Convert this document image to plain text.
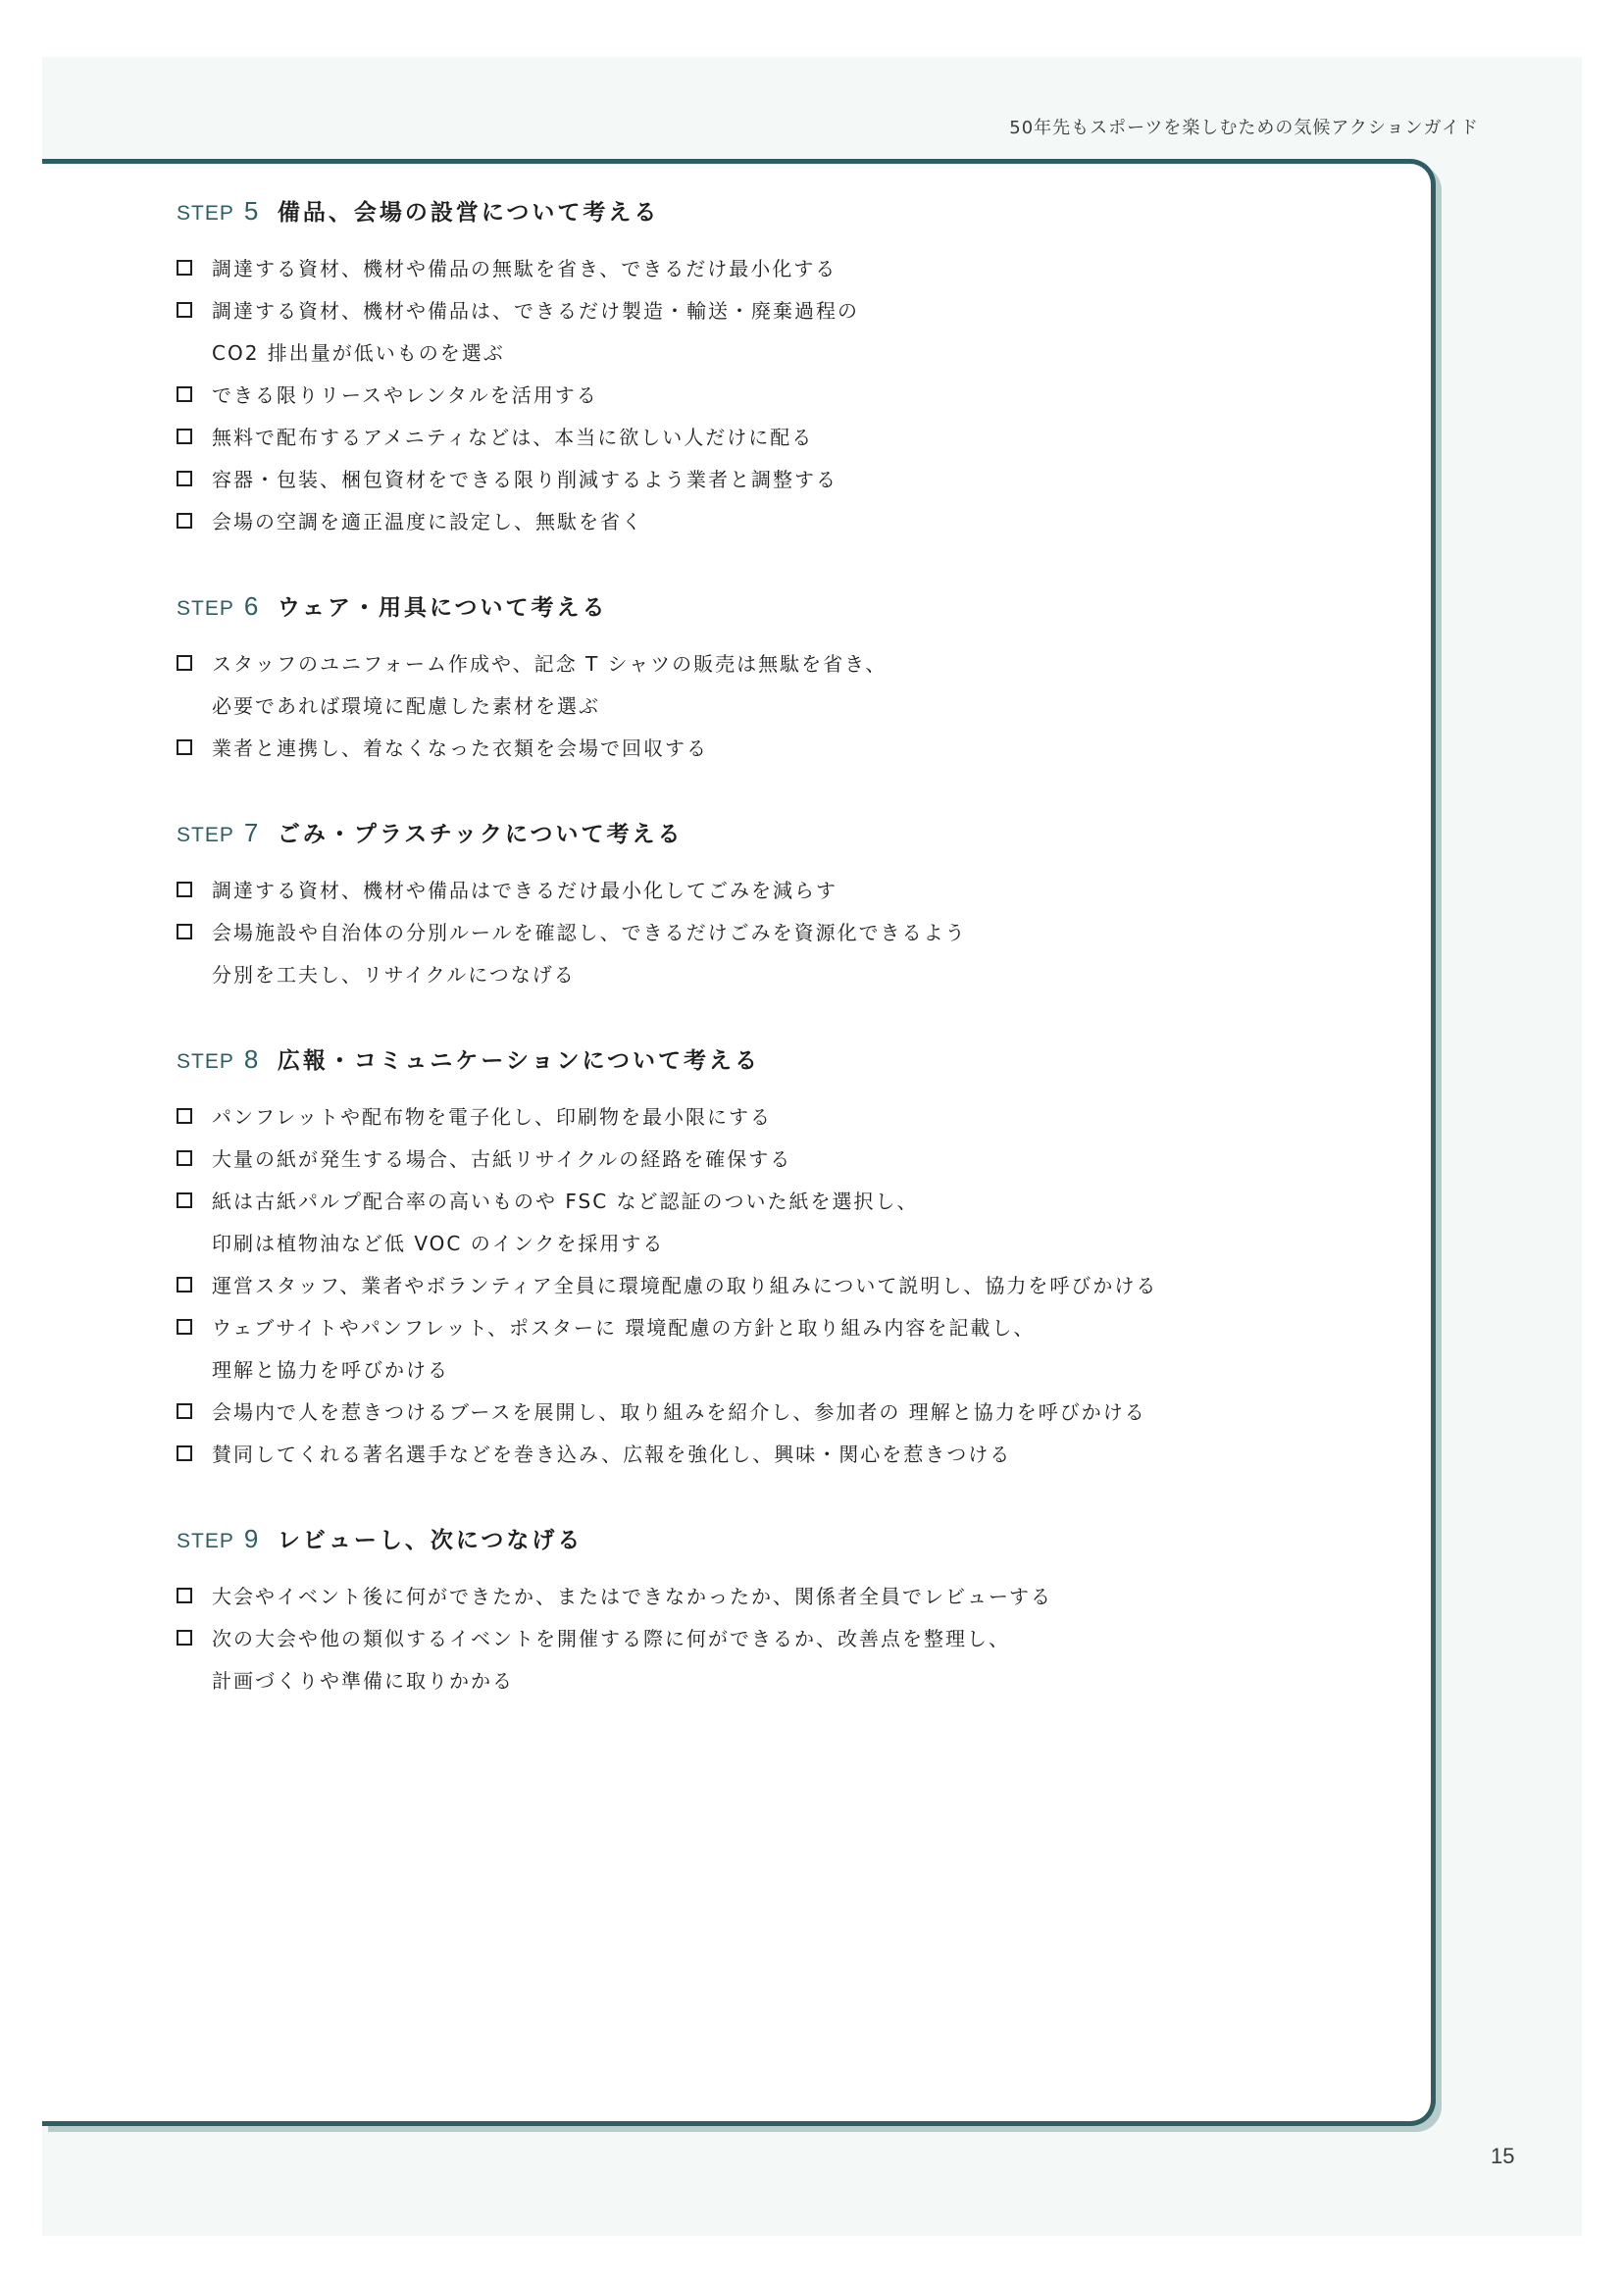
50年先もスポーツを楽しむための気候アクションガイド
STEP 5 備品、会場の設営について考える
調達する資材、機材や備品の無駄を省き、できるだけ最小化する
調達する資材、機材や備品は、できるだけ製造・輸送・廃棄過程の
CO2 排出量が低いものを選ぶ
できる限りリースやレンタルを活用する
無料で配布するアメニティなどは、本当に欲しい人だけに配る
容器・包装、梱包資材をできる限り削減するよう業者と調整する
会場の空調を適正温度に設定し、無駄を省く
STEP 6 ウェア・用具について考える
スタッフのユニフォーム作成や、記念 T シャツの販売は無駄を省き、
必要であれば環境に配慮した素材を選ぶ
業者と連携し、着なくなった衣類を会場で回収する
STEP 7 ごみ・プラスチックについて考える
調達する資材、機材や備品はできるだけ最小化してごみを減らす
会場施設や自治体の分別ルールを確認し、できるだけごみを資源化できるよう
分別を工夫し、リサイクルにつなげる
STEP 8 広報・コミュニケーションについて考える
パンフレットや配布物を電子化し、印刷物を最小限にする
大量の紙が発生する場合、古紙リサイクルの経路を確保する
紙は古紙パルプ配合率の高いものや FSC など認証のついた紙を選択し、
印刷は植物油など低 VOC のインクを採用する
運営スタッフ、業者やボランティア全員に環境配慮の取り組みについて説明し、協力を呼びかける
ウェブサイトやパンフレット、ポスターに 環境配慮の方針と取り組み内容を記載し、
理解と協力を呼びかける
会場内で人を惹きつけるブースを展開し、取り組みを紹介し、参加者の 理解と協力を呼びかける
賛同してくれる著名選手などを巻き込み、広報を強化し、興味・関心を惹きつける
STEP 9 レビューし、次につなげる
大会やイベント後に何ができたか、またはできなかったか、関係者全員でレビューする
次の大会や他の類似するイベントを開催する際に何ができるか、改善点を整理し、
計画づくりや準備に取りかかる
15
